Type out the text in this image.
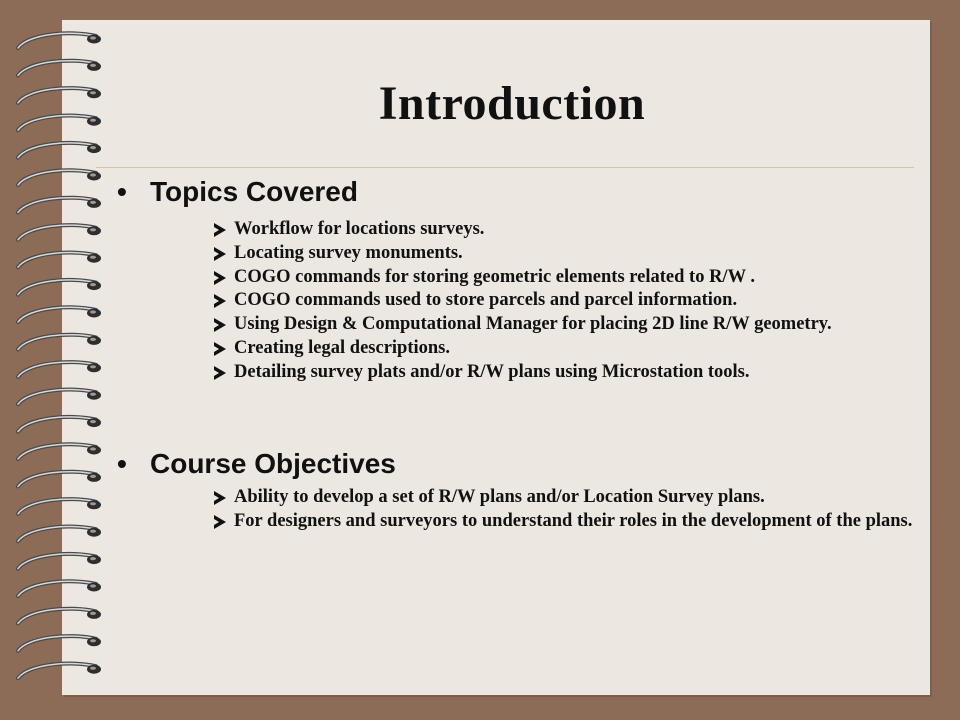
Introduction
• Topics Covered
Workflow for locations surveys.
Locating survey monuments.
COGO commands for storing geometric elements related to R/W .
COGO commands used to store parcels and parcel information.
Using Design & Computational Manager for placing 2D line R/W geometry.
Creating legal descriptions.
Detailing survey plats and/or R/W plans using Microstation tools.
• Course Objectives
Ability to develop a set of R/W plans and/or Location Survey plans.
For designers and surveyors to understand their roles in the development of the plans.
